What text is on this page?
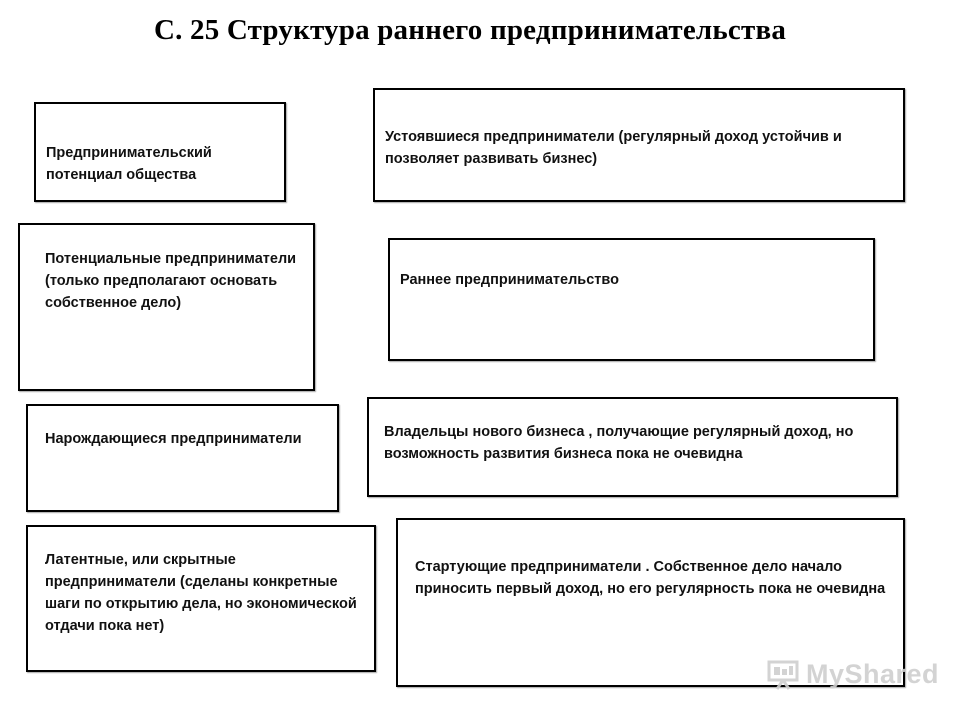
С. 25 Структура раннего предпринимательства
Предпринимательский потенциал общества
Потенциальные предприниматели (только предполагают основать собственное дело)
Нарождающиеся предприниматели
Латентные, или скрытные предприниматели (сделаны конкретные шаги по открытию дела, но экономической отдачи пока нет)
Устоявшиеся предприниматели (регулярный доход устойчив и позволяет развивать бизнес)
Раннее предпринимательство
Владельцы нового бизнеса , получающие регулярный доход, но возможность развития бизнеса пока не очевидна
Стартующие предприниматели . Собственное дело начало приносить первый доход, но его регулярность пока не очевидна
MyShared
